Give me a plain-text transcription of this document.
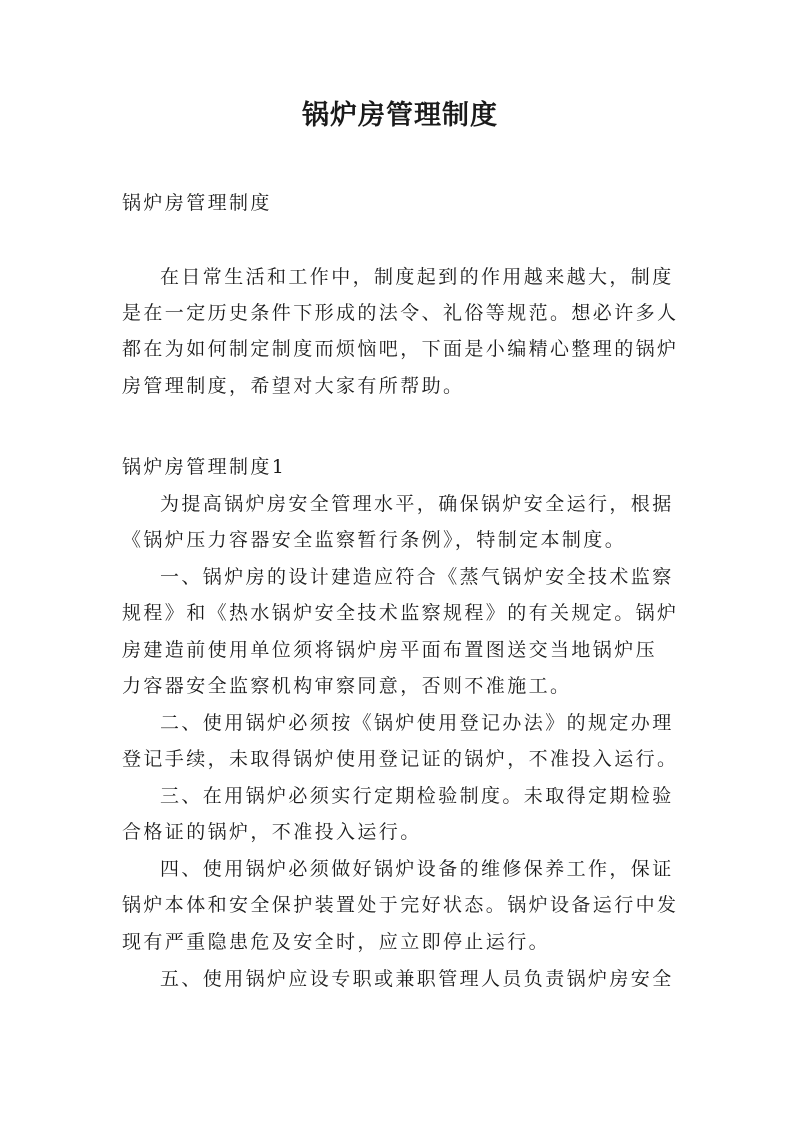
锅炉房管理制度
锅炉房管理制度
在日常生活和工作中，制度起到的作用越来越大，制度
是在一定历史条件下形成的法令、礼俗等规范。想必许多人
都在为如何制定制度而烦恼吧，下面是小编精心整理的锅炉
房管理制度，希望对大家有所帮助。
锅炉房管理制度1
为提高锅炉房安全管理水平，确保锅炉安全运行，根据
《锅炉压力容器安全监察暂行条例》，特制定本制度。
一、锅炉房的设计建造应符合《蒸气锅炉安全技术监察
规程》和《热水锅炉安全技术监察规程》的有关规定。锅炉
房建造前使用单位须将锅炉房平面布置图送交当地锅炉压
力容器安全监察机构审察同意，否则不准施工。
二、使用锅炉必须按《锅炉使用登记办法》的规定办理
登记手续，未取得锅炉使用登记证的锅炉，不准投入运行。
三、在用锅炉必须实行定期检验制度。未取得定期检验
合格证的锅炉，不准投入运行。
四、使用锅炉必须做好锅炉设备的维修保养工作，保证
锅炉本体和安全保护装置处于完好状态。锅炉设备运行中发
现有严重隐患危及安全时，应立即停止运行。
五、使用锅炉应设专职或兼职管理人员负责锅炉房安全
